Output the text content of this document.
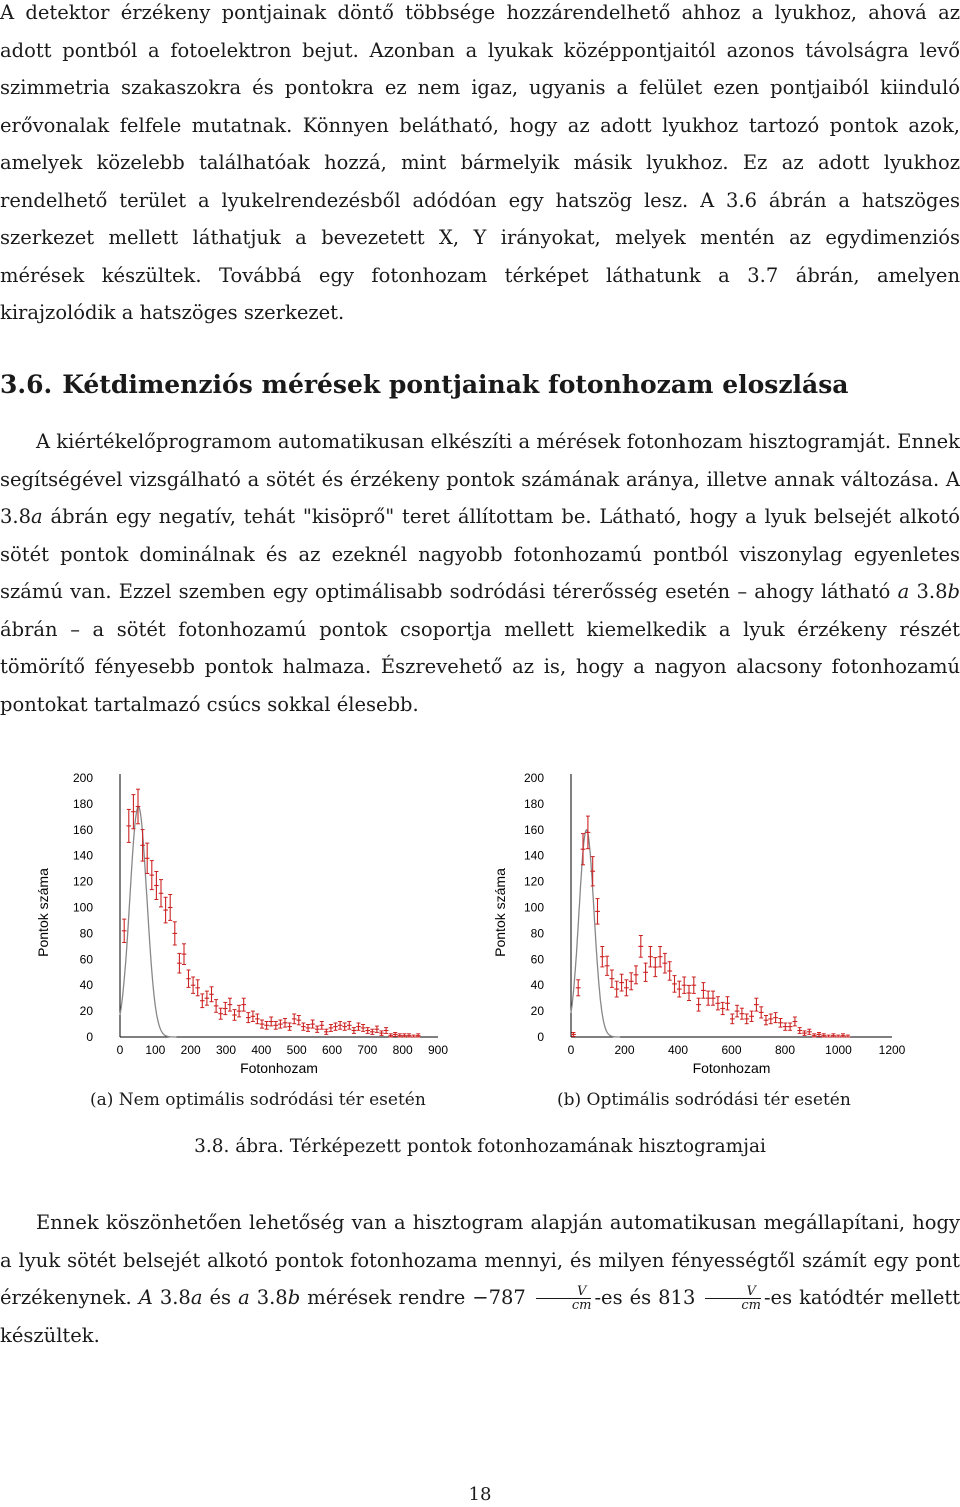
A detektor érzékeny pontjainak döntő többsége hozzárendelhető ahhoz a lyukhoz, ahová az adott pontból a fotoelektron bejut. Azonban a lyukak középpontjaitól azonos távolságra levő szimmetria szakaszokra és pontokra ez nem igaz, ugyanis a felület ezen pontjaiból kiinduló erővonalak felfele mutatnak. Könnyen belátható, hogy az adott lyukhoz tartozó pontok azok, amelyek közelebb találhatóak hozzá, mint bármelyik másik lyukhoz. Ez az adott lyukhoz rendelhető terület a lyukelrendezésből adódóan egy hatszög lesz. A 3.6 ábrán a hatszöges szerkezet mellett láthatjuk a bevezetett X, Y irányokat, melyek mentén az egydimenziós mérések készültek. Továbbá egy fotonhozam térképet láthatunk a 3.7 ábrán, amelyen kirajzolódik a hatszöges szerkezet.

3.6. Kétdimenziós mérések pontjainak fotonhozam eloszlása

A kiértékelőprogramom automatikusan elkészíti a mérések fotonhozam hisztogramját. Ennek segítségével vizsgálható a sötét és érzékeny pontok számának aránya, illetve annak változása. A 3.8a ábrán egy negatív, tehát "kisöprő" teret állítottam be. Látható, hogy a lyuk belsejét alkotó sötét pontok dominálnak és az ezeknél nagyobb fotonhozamú pontból viszonylag egyenletes számú van. Ezzel szemben egy optimálisabb sodródási térerősség esetén – ahogy látható a 3.8b ábrán – a sötét fotonhozamú pontok csoportja mellett kiemelkedik a lyuk érzékeny részét tömörítő fényesebb pontok halmaza. Észrevehető az is, hogy a nagyon alacsony fotonhozamú pontokat tartalmazó csúcs sokkal élesebb.

0
20
40
60
80
100
120
140
160
180
200
0 100 200 300 400 500 600 700 800 900
Fotonhozam
Pontok száma
0
20
40
60
80
100
120
140
160
180
200
0	200	400	600	800	1000 1200
Fotonhozam
Pontok száma
(a) Nem optimális sodródási tér esetén	(b) Optimális sodródási tér esetén
3.8. ábra. Térképezett pontok fotonhozamának hisztogramjai

Ennek köszönhetően lehetőség van a hisztogram alapján automatikusan megállapítani, hogy a lyuk sötét belsejét alkotó pontok fotonhozama mennyi, és milyen fényességtől számít egy pont érzékenynek. A 3.8a és a 3.8b mérések rendre $-787 \frac{V}{cm} -es$ és $813 \frac{V}{cm} -es$ katódtér mellett készültek.

18
